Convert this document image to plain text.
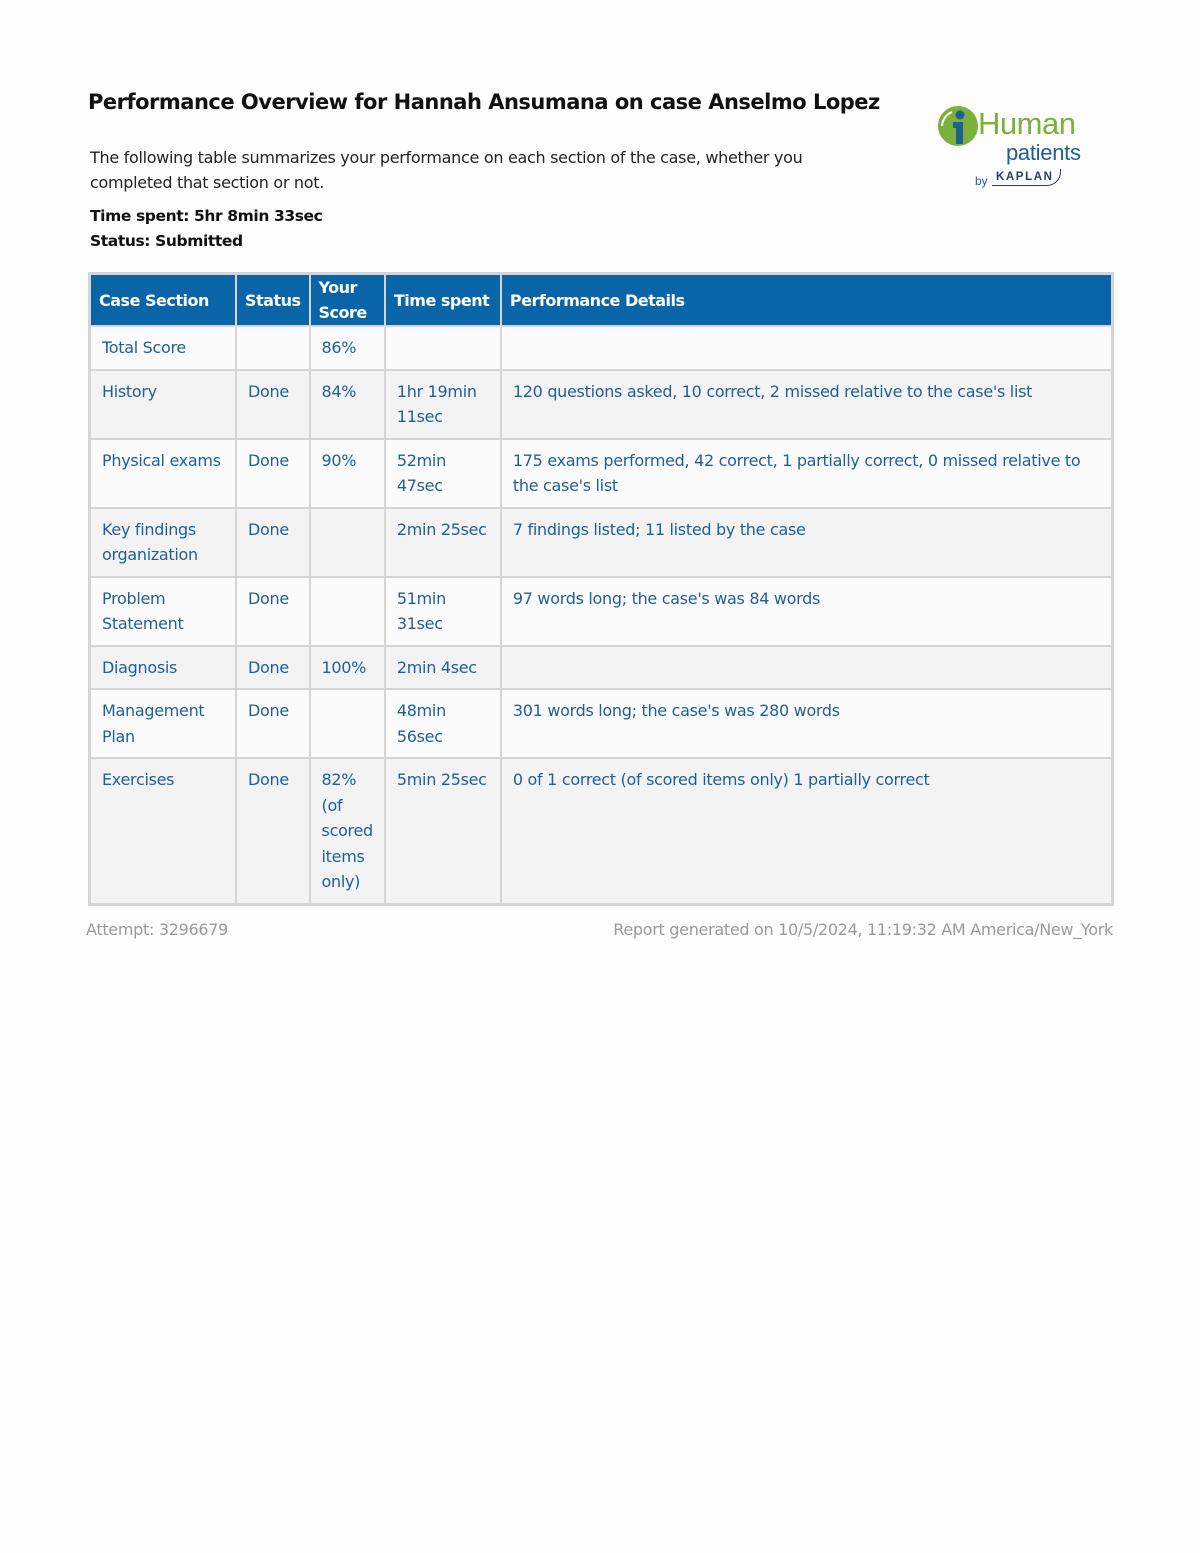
Performance Overview for Hannah Ansumana on case Anselmo Lopez
The following table summarizes your performance on each section of the case, whether you completed that section or not.
Time spent: 5hr 8min 33sec
Status: Submitted
Human
patients
by KAPLAN
Case Section	Status	Your Score	Time spent	Performance Details
Total Score		86%		
History	Done	84%	1hr 19min 11sec	120 questions asked, 10 correct, 2 missed relative to the case's list
Physical exams	Done	90%	52min 47sec	175 exams performed, 42 correct, 1 partially correct, 0 missed relative to the case's list
Key findings organization	Done		2min 25sec	7 findings listed; 11 listed by the case
Problem Statement	Done		51min 31sec	97 words long; the case's was 84 words
Diagnosis	Done	100%	2min 4sec	
Management Plan	Done		48min 56sec	301 words long; the case's was 280 words
Exercises	Done	82% (of scored items only)	5min 25sec	0 of 1 correct (of scored items only) 1 partially correct
Attempt: 3296679	Report generated on 10/5/2024, 11:19:32 AM America/New_York
